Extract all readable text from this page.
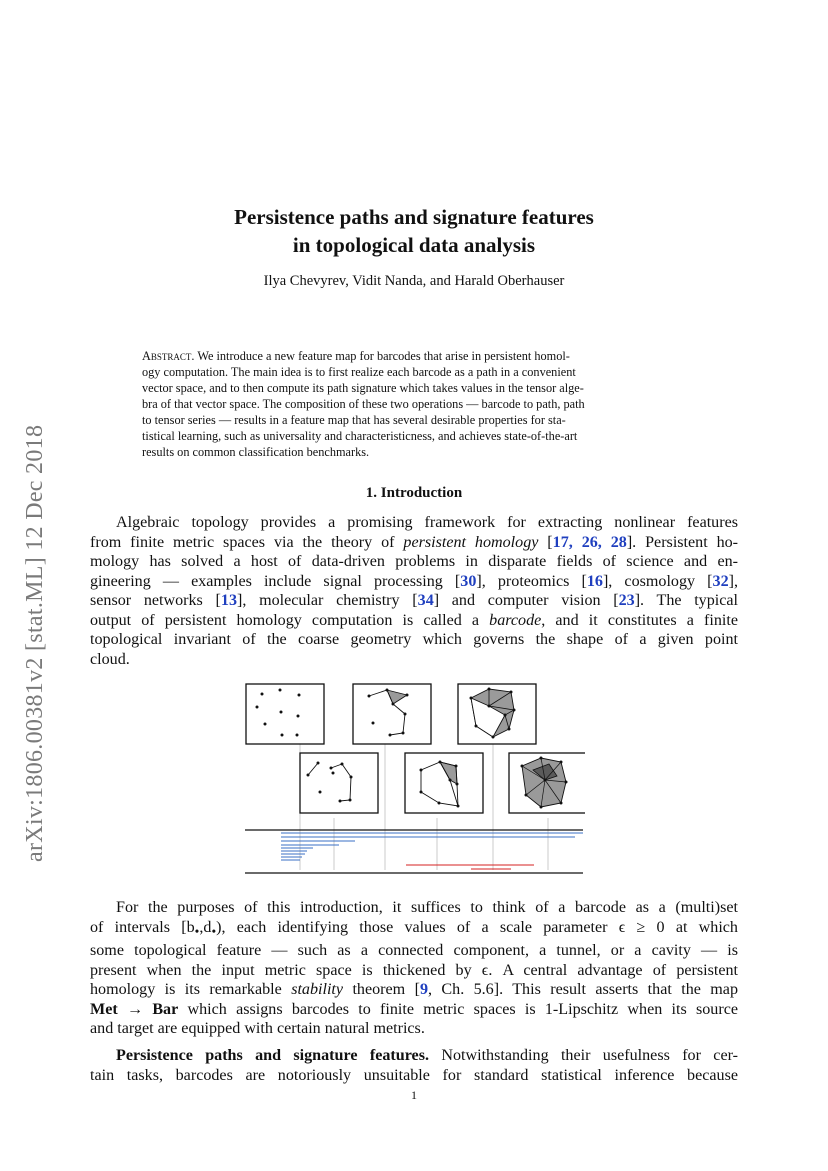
arXiv:1806.00381v2 [stat.ML] 12 Dec 2018
Persistence paths and signature features
in topological data analysis
Ilya Chevyrev, Vidit Nanda, and Harald Oberhauser
Abstract. We introduce a new feature map for barcodes that arise in persistent homol-
ogy computation. The main idea is to first realize each barcode as a path in a convenient
vector space, and to then compute its path signature which takes values in the tensor alge-
bra of that vector space. The composition of these two operations — barcode to path, path
to tensor series — results in a feature map that has several desirable properties for sta-
tistical learning, such as universality and characteristicness, and achieves state-of-the-art
results on common classification benchmarks.
1. Introduction
Algebraic topology provides a promising framework for extracting nonlinear features
from finite metric spaces via the theory of persistent homology [17, 26, 28]. Persistent ho-
mology has solved a host of data-driven problems in disparate fields of science and en-
gineering — examples include signal processing [30], proteomics [16], cosmology [32],
sensor networks [13], molecular chemistry [34] and computer vision [23]. The typical
output of persistent homology computation is called a barcode, and it constitutes a finite
topological invariant of the coarse geometry which governs the shape of a given point
cloud.
For the purposes of this introduction, it suffices to think of a barcode as a (multi)set
of intervals $[b_•,d_•)$, each identifying those values of a scale parameter ϵ ≥ 0 at which
some topological feature — such as a connected component, a tunnel, or a cavity — is
present when the input metric space is thickened by ϵ. A central advantage of persistent
homology is its remarkable stability theorem [9, Ch. 5.6]. This result asserts that the map
Met → Bar which assigns barcodes to finite metric spaces is 1-Lipschitz when its source
and target are equipped with certain natural metrics.
Persistence paths and signature features. Notwithstanding their usefulness for cer-
tain tasks, barcodes are notoriously unsuitable for standard statistical inference because
1
